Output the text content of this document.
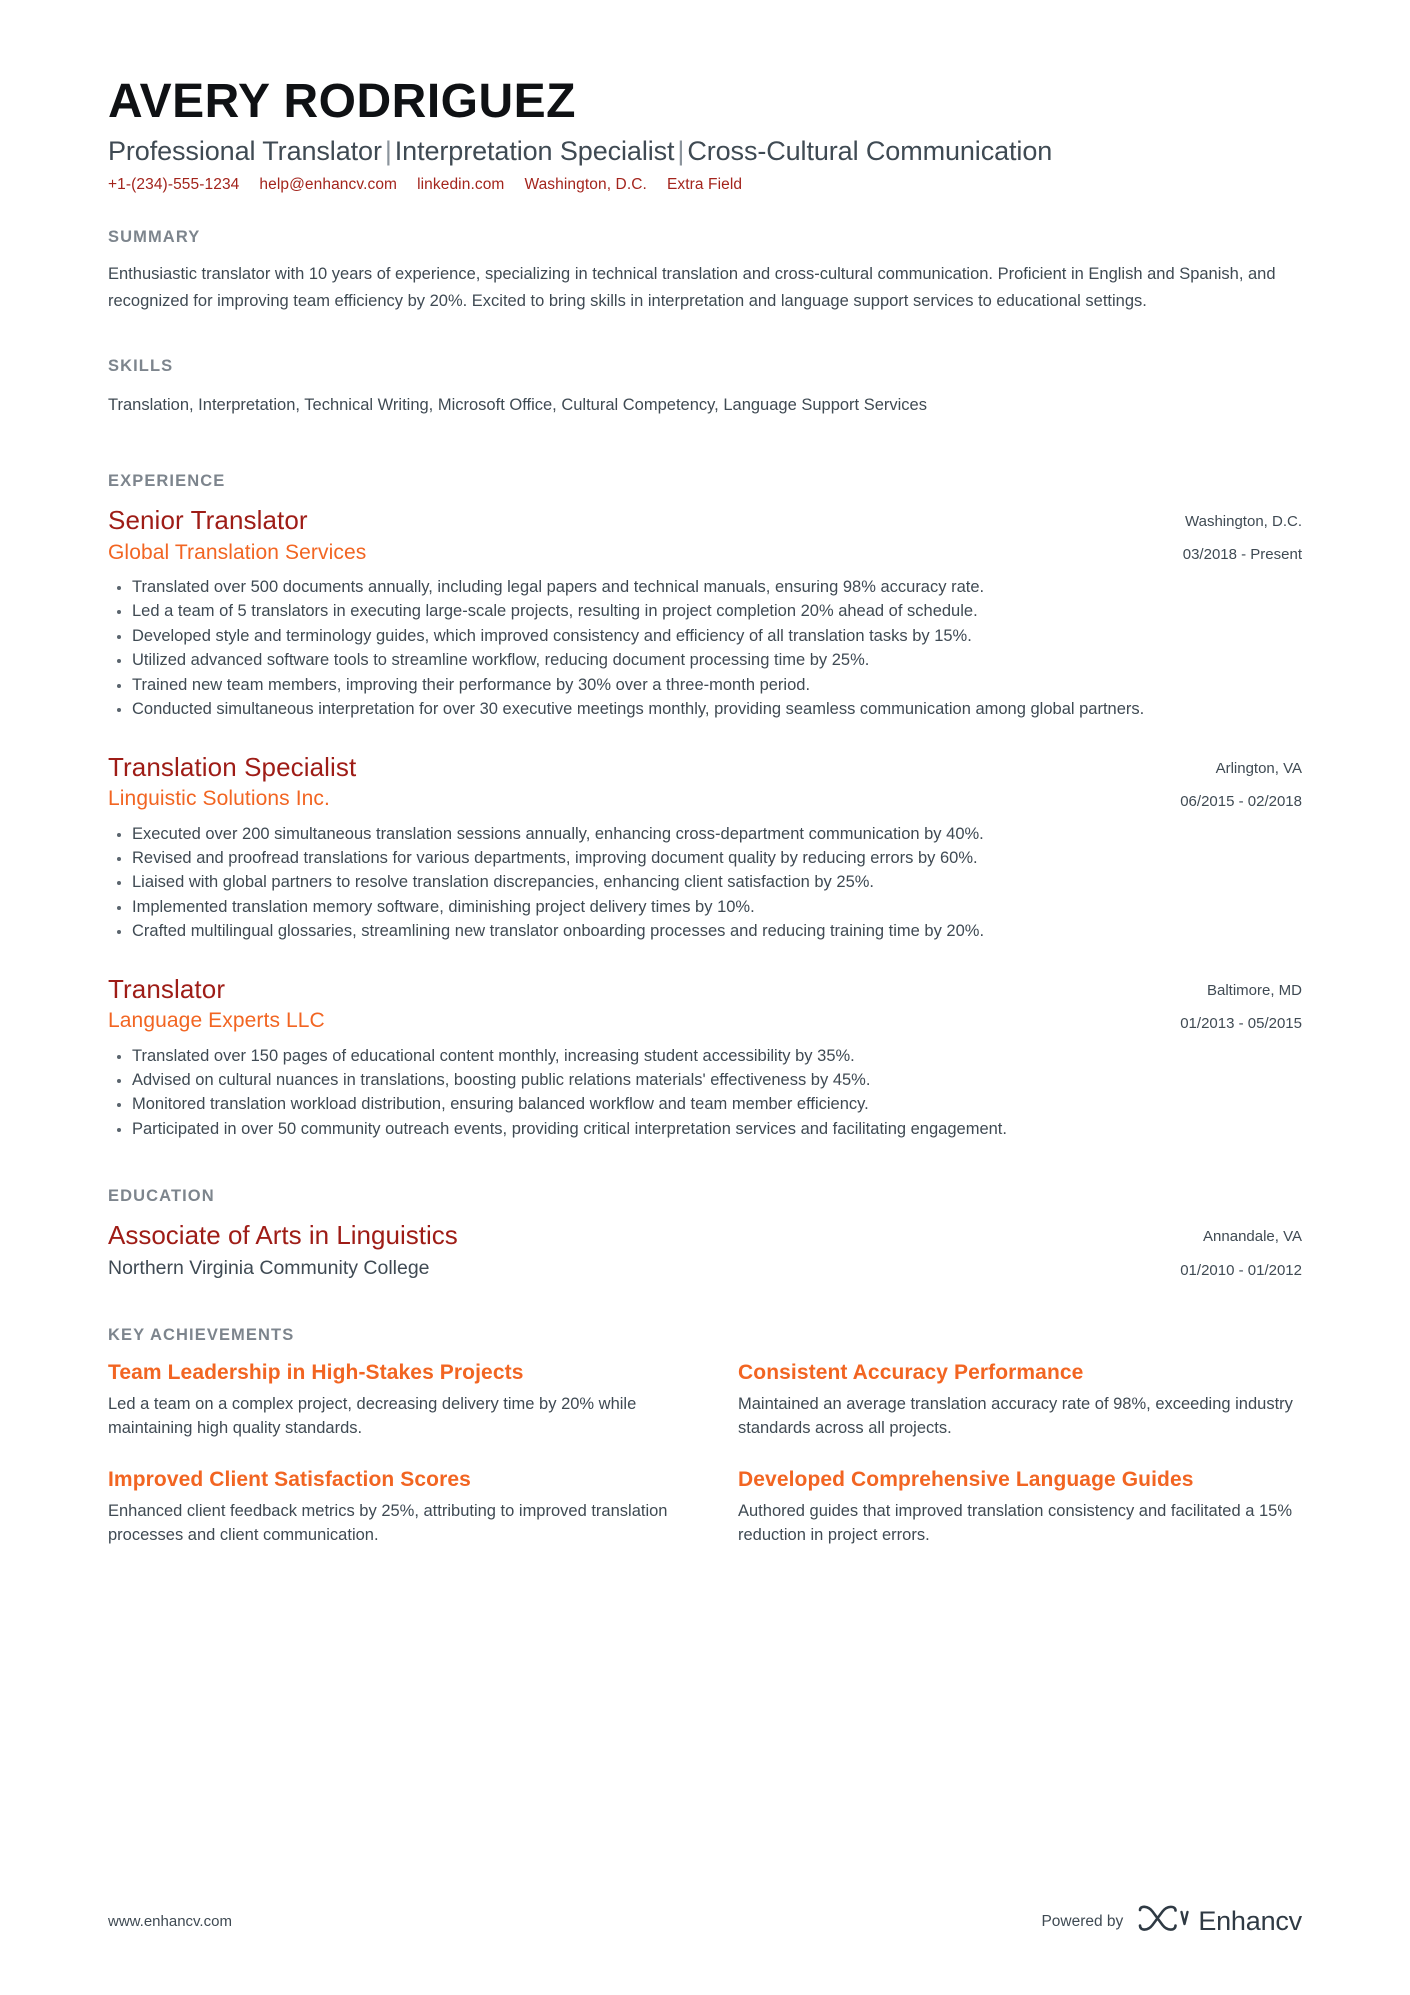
AVERY RODRIGUEZ
Professional Translator | Interpretation Specialist | Cross-Cultural Communication
+1-(234)-555-1234 help@enhancv.com linkedin.com Washington, D.C. Extra Field
SUMMARY

Enthusiastic translator with 10 years of experience, specializing in technical translation and cross-cultural communication. Proficient in English and Spanish, and recognized for improving team efficiency by 20%. Excited to bring skills in interpretation and language support services to educational settings.

SKILLS

Translation, Interpretation, Technical Writing, Microsoft Office, Cultural Competency, Language Support Services

EXPERIENCE
Senior Translator
Global Translation Services
Washington, D.C.
03/2018 - Present
Translated over 500 documents annually, including legal papers and technical manuals, ensuring 98% accuracy rate.
Led a team of 5 translators in executing large-scale projects, resulting in project completion 20% ahead of schedule.
Developed style and terminology guides, which improved consistency and efficiency of all translation tasks by 15%.
Utilized advanced software tools to streamline workflow, reducing document processing time by 25%.
Trained new team members, improving their performance by 30% over a three-month period.
Conducted simultaneous interpretation for over 30 executive meetings monthly, providing seamless communication among global partners.
Translation Specialist
Linguistic Solutions Inc.
Arlington, VA
06/2015 - 02/2018
Executed over 200 simultaneous translation sessions annually, enhancing cross-department communication by 40%.
Revised and proofread translations for various departments, improving document quality by reducing errors by 60%.
Liaised with global partners to resolve translation discrepancies, enhancing client satisfaction by 25%.
Implemented translation memory software, diminishing project delivery times by 10%.
Crafted multilingual glossaries, streamlining new translator onboarding processes and reducing training time by 20%.
Translator
Language Experts LLC
Baltimore, MD
01/2013 - 05/2015
Translated over 150 pages of educational content monthly, increasing student accessibility by 35%.
Advised on cultural nuances in translations, boosting public relations materials' effectiveness by 45%.
Monitored translation workload distribution, ensuring balanced workflow and team member efficiency.
Participated in over 50 community outreach events, providing critical interpretation services and facilitating engagement.
EDUCATION
Associate of Arts in Linguistics
Northern Virginia Community College
Annandale, VA
01/2010 - 01/2012
KEY ACHIEVEMENTS
Team Leadership in High-Stakes Projects
Led a team on a complex project, decreasing delivery time by 20% while maintaining high quality standards.
Consistent Accuracy Performance
Maintained an average translation accuracy rate of 98%, exceeding industry standards across all projects.
Improved Client Satisfaction Scores
Enhanced client feedback metrics by 25%, attributing to improved translation processes and client communication.
Developed Comprehensive Language Guides
Authored guides that improved translation consistency and facilitated a 15% reduction in project errors.
www.enhancv.com	Powered by	Enhancv
